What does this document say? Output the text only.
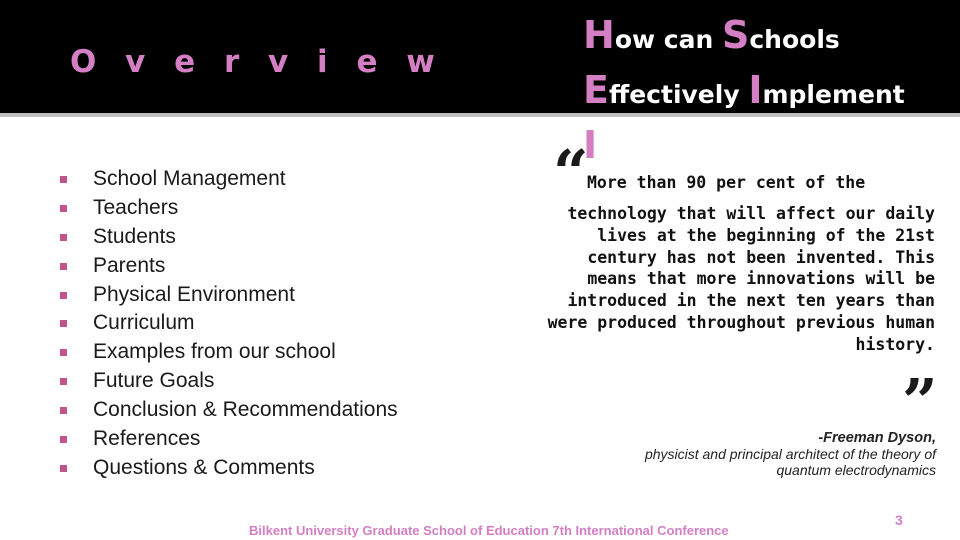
O v e r v i e w
How can Schools
Effectively Implement ICT?
School Management
Teachers
Students
Parents
Physical Environment
Curriculum
Examples from our school
Future Goals
Conclusion & Recommendations
References
Questions & Comments
“
More than 90 per cent of the
technology that will affect our daily lives at the beginning of the 21st century has not been invented. This means that more innovations will be introduced in the next ten years than were produced throughout previous human history.
”
-Freeman Dyson,
physicist and principal architect of the theory of
quantum electrodynamics
Bilkent University Graduate School of Education 7th International Conference
3
